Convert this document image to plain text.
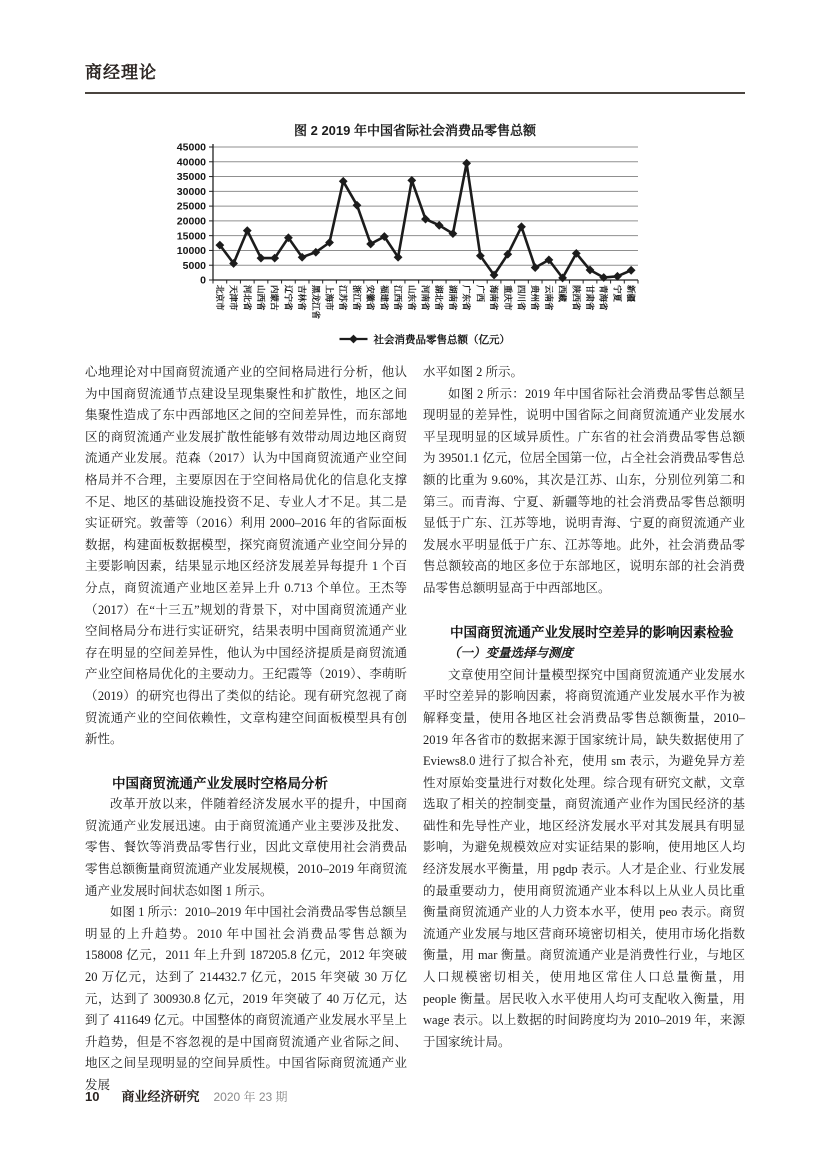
商经理论
图 2 2019 年中国省际社会消费品零售总额
0
5000
10000
15000
20000
25000
30000
35000
40000
45000
北京市 天津市 河北省 山西省 内蒙古 辽宁省 吉林省 黑龙江省 上海市 江苏省 浙江省 安徽省 福建省 江西省 山东省 河南省 湖北省 湖南省 广东省 广西 海南省 重庆市 四川省 贵州省 云南省 西藏 陕西省 甘肃省 青海省 宁夏 新疆
社会消费品零售总额（亿元）

心地理论对中国商贸流通产业的空间格局进行分析，他认为中国商贸流通节点建设呈现集聚性和扩散性，地区之间集聚性造成了东中西部地区之间的空间差异性，而东部地区的商贸流通产业发展扩散性能够有效带动周边地区商贸流通产业发展。范森（2017）认为中国商贸流通产业空间格局并不合理，主要原因在于空间格局优化的信息化支撑不足、地区的基础设施投资不足、专业人才不足。其二是实证研究。敦蕾等（2016）利用 2000–2016 年的省际面板数据，构建面板数据模型，探究商贸流通产业空间分异的主要影响因素，结果显示地区经济发展差异每提升 1 个百分点，商贸流通产业地区差异上升 0.713 个单位。王杰等（2017）在“十三五”规划的背景下，对中国商贸流通产业空间格局分布进行实证研究，结果表明中国商贸流通产业存在明显的空间差异性，他认为中国经济提质是商贸流通产业空间格局优化的主要动力。王纪霞等（2019）、李萌昕（2019）的研究也得出了类似的结论。现有研究忽视了商贸流通产业的空间依赖性，文章构建空间面板模型具有创新性。

中国商贸流通产业发展时空格局分析

改革开放以来，伴随着经济发展水平的提升，中国商贸流通产业发展迅速。由于商贸流通产业主要涉及批发、零售、餐饮等消费品零售行业，因此文章使用社会消费品零售总额衡量商贸流通产业发展规模，2010–2019 年商贸流通产业发展时间状态如图 1 所示。

如图 1 所示：2010–2019 年中国社会消费品零售总额呈明显的上升趋势。2010 年中国社会消费品零售总额为 158008 亿元，2011 年上升到 187205.8 亿元，2012 年突破 20 万亿元，达到了 214432.7 亿元，2015 年突破 30 万亿元，达到了 300930.8 亿元，2019 年突破了 40 万亿元，达到了 411649 亿元。中国整体的商贸流通产业发展水平呈上升趋势，但是不容忽视的是中国商贸流通产业省际之间、地区之间呈现明显的空间异质性。中国省际商贸流通产业发展

水平如图 2 所示。

如图 2 所示：2019 年中国省际社会消费品零售总额呈现明显的差异性，说明中国省际之间商贸流通产业发展水平呈现明显的区域异质性。广东省的社会消费品零售总额为 39501.1 亿元，位居全国第一位，占全社会消费品零售总额的比重为 9.60%，其次是江苏、山东，分别位列第二和第三。而青海、宁夏、新疆等地的社会消费品零售总额明显低于广东、江苏等地，说明青海、宁夏的商贸流通产业发展水平明显低于广东、江苏等地。此外，社会消费品零售总额较高的地区多位于东部地区，说明东部的社会消费品零售总额明显高于中西部地区。

中国商贸流通产业发展时空差异的影响因素检验

（一）变量选择与测度

文章使用空间计量模型探究中国商贸流通产业发展水平时空差异的影响因素，将商贸流通产业发展水平作为被解释变量，使用各地区社会消费品零售总额衡量，2010–2019 年各省市的数据来源于国家统计局，缺失数据使用了 Eviews8.0 进行了拟合补充，使用 sm 表示，为避免异方差性对原始变量进行对数化处理。综合现有研究文献，文章选取了相关的控制变量，商贸流通产业作为国民经济的基础性和先导性产业，地区经济发展水平对其发展具有明显影响，为避免规模效应对实证结果的影响，使用地区人均经济发展水平衡量，用 pgdp 表示。人才是企业、行业发展的最重要动力，使用商贸流通产业本科以上从业人员比重衡量商贸流通产业的人力资本水平，使用 peo 表示。商贸流通产业发展与地区营商环境密切相关，使用市场化指数衡量，用 mar 衡量。商贸流通产业是消费性行业，与地区人口规模密切相关，使用地区常住人口总量衡量，用 people 衡量。居民收入水平使用人均可支配收入衡量，用 wage 表示。以上数据的时间跨度均为 2010–2019 年，来源于国家统计局。

10 商业经济研究 2020 年 23 期
